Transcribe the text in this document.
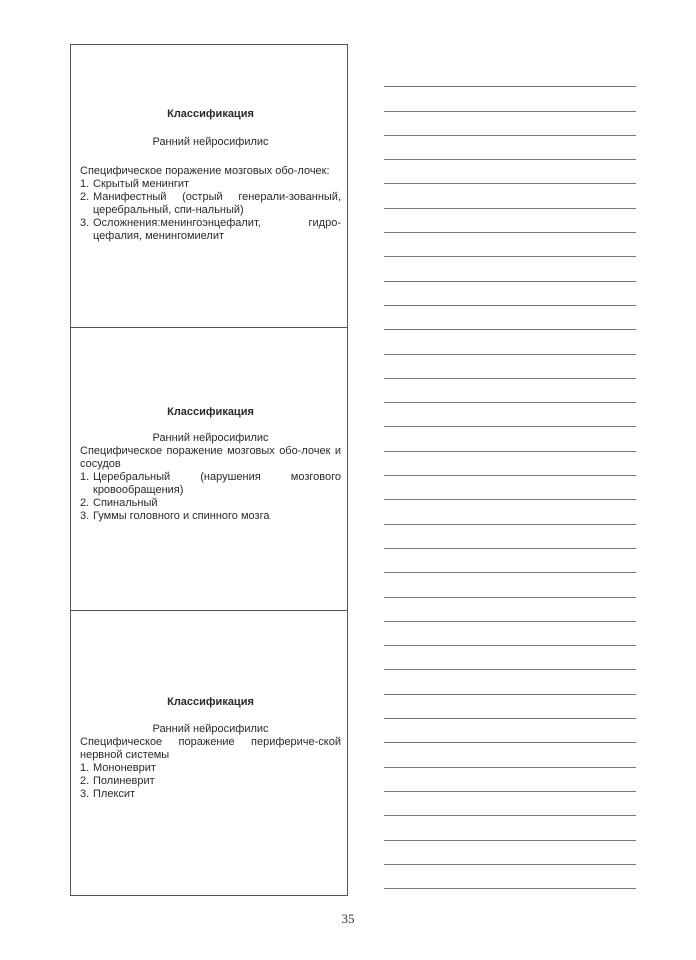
Классификация
Ранний нейросифилис
Специфическое поражение мозговых обо-лочек:
1. Скрытый менингит
2. Манифестный (острый генерали-зованный, церебральный, спи-нальный)
3. Осложнения:менингоэнцефалит, гидро-цефалия, менингомиелит
Классификация
Ранний нейросифилис
Специфическое поражение мозговых обо-лочек и сосудов
1. Церебральный (нарушения мозгового кровообращения)
2. Спинальный
3. Гуммы головного и спинного мозга
Классификация
Ранний нейросифилис
Специфическое поражение перифериче-ской нервной системы
1. Мононеврит
2. Полиневрит
3. Плексит
35
